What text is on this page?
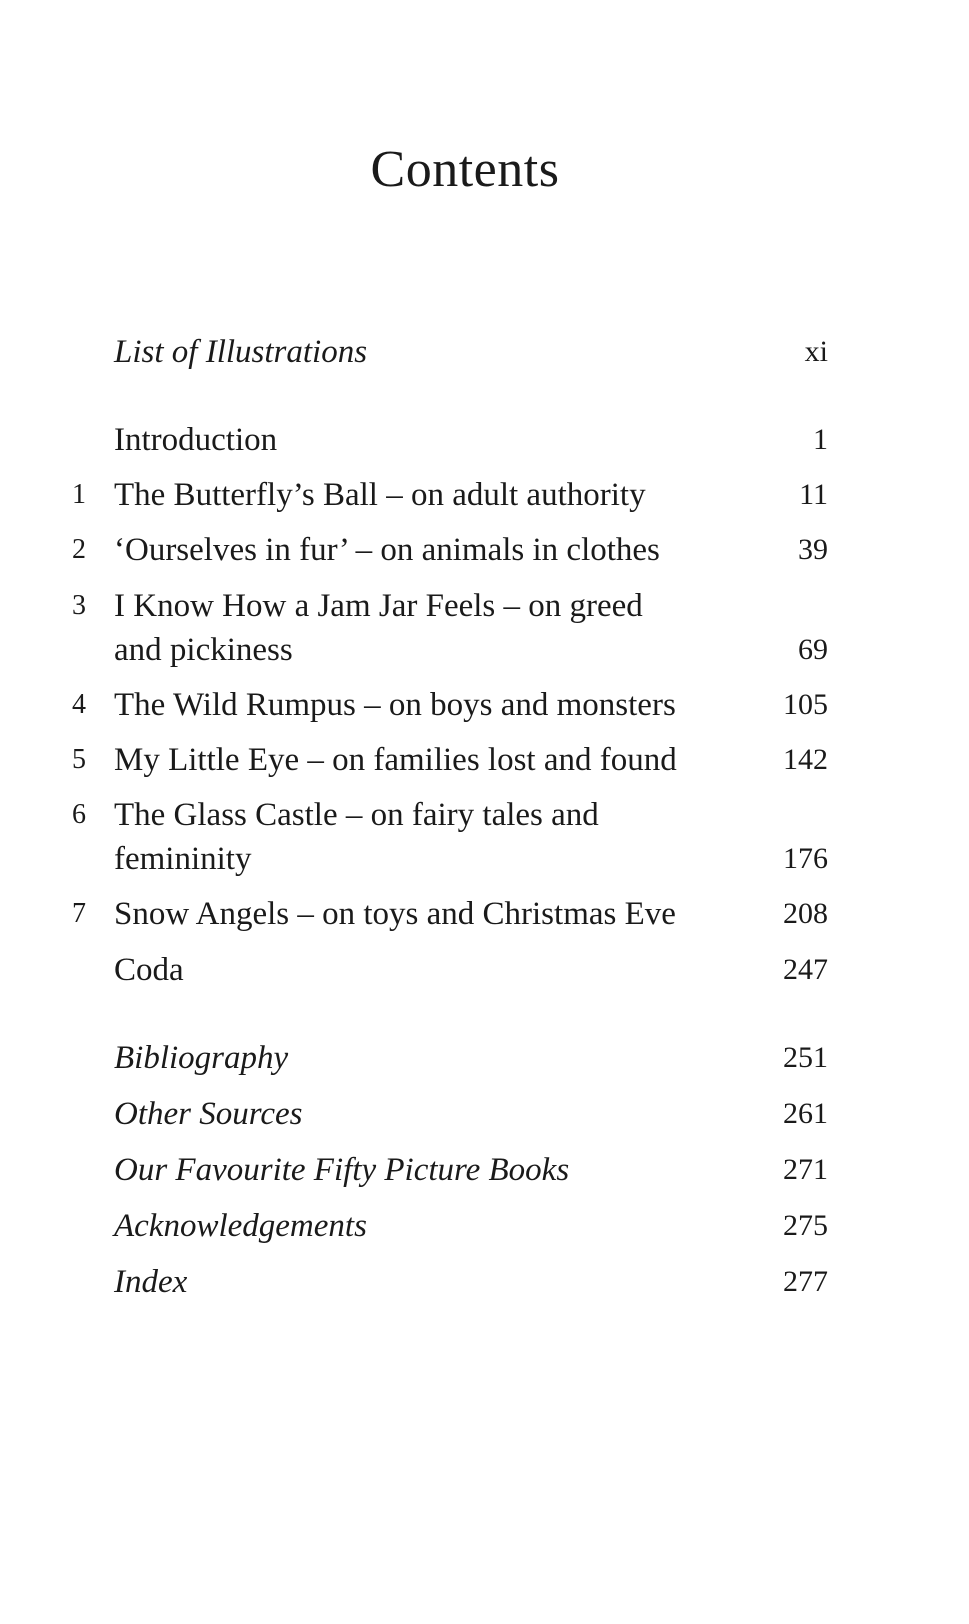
Contents
List of Illustrations	xi
Introduction	1
1 The Butterfly’s Ball – on adult authority	11
2 ‘Ourselves in fur’ – on animals in clothes	39
3 I Know How a Jam Jar Feels – on greed
and pickiness	69
4 The Wild Rumpus – on boys and monsters	105
5 My Little Eye – on families lost and found	142
6 The Glass Castle – on fairy tales and
femininity	176
7 Snow Angels – on toys and Christmas Eve	208
Coda	247
Bibliography	251
Other Sources	261
Our Favourite Fifty Picture Books	271
Acknowledgements	275
Index	277
